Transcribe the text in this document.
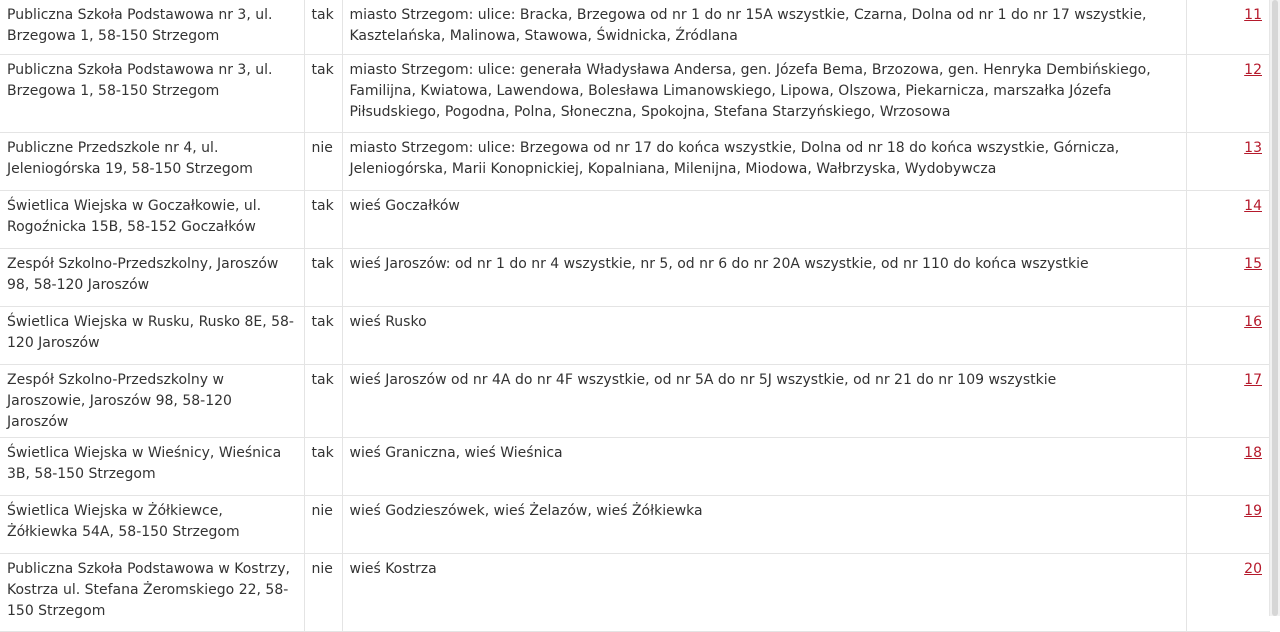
Publiczna Szkoła Podstawowa nr 3, ul. Brzegowa 1, 58-150 Strzegom	tak	miasto Strzegom: ulice: Bracka, Brzegowa od nr 1 do nr 15A wszystkie, Czarna, Dolna od nr 1 do nr 17 wszystkie, Kasztelańska, Malinowa, Stawowa, Świdnicka, Źródlana	11
Publiczna Szkoła Podstawowa nr 3, ul. Brzegowa 1, 58-150 Strzegom	tak	miasto Strzegom: ulice: generała Władysława Andersa, gen. Józefa Bema, Brzozowa, gen. Henryka Dembińskiego, Familijna, Kwiatowa, Lawendowa, Bolesława Limanowskiego, Lipowa, Olszowa, Piekarnicza, marszałka Józefa Piłsudskiego, Pogodna, Polna, Słoneczna, Spokojna, Stefana Starzyńskiego, Wrzosowa	12
Publiczne Przedszkole nr 4, ul. Jeleniogórska 19, 58-150 Strzegom	nie	miasto Strzegom: ulice: Brzegowa od nr 17 do końca wszystkie, Dolna od nr 18 do końca wszystkie, Górnicza, Jeleniogórska, Marii Konopnickiej, Kopalniana, Milenijna, Miodowa, Wałbrzyska, Wydobywcza	13
Świetlica Wiejska w Goczałkowie, ul. Rogoźnicka 15B, 58-152 Goczałków	tak	wieś Goczałków	14
Zespół Szkolno-Przedszkolny, Jaroszów 98, 58-120 Jaroszów	tak	wieś Jaroszów: od nr 1 do nr 4 wszystkie, nr 5, od nr 6 do nr 20A wszystkie, od nr 110 do końca wszystkie	15
Świetlica Wiejska w Rusku, Rusko 8E, 58-120 Jaroszów	tak	wieś Rusko	16
Zespół Szkolno-Przedszkolny w Jaroszowie, Jaroszów 98, 58-120 Jaroszów	tak	wieś Jaroszów od nr 4A do nr 4F wszystkie, od nr 5A do nr 5J wszystkie, od nr 21 do nr 109 wszystkie	17
Świetlica Wiejska w Wieśnicy, Wieśnica 3B, 58-150 Strzegom	tak	wieś Graniczna, wieś Wieśnica	18
Świetlica Wiejska w Żółkiewce, Żółkiewka 54A, 58-150 Strzegom	nie	wieś Godzieszówek, wieś Żelazów, wieś Żółkiewka	19
Publiczna Szkoła Podstawowa w Kostrzy, Kostrza ul. Stefana Żeromskiego 22, 58-150 Strzegom	nie	wieś Kostrza	20
